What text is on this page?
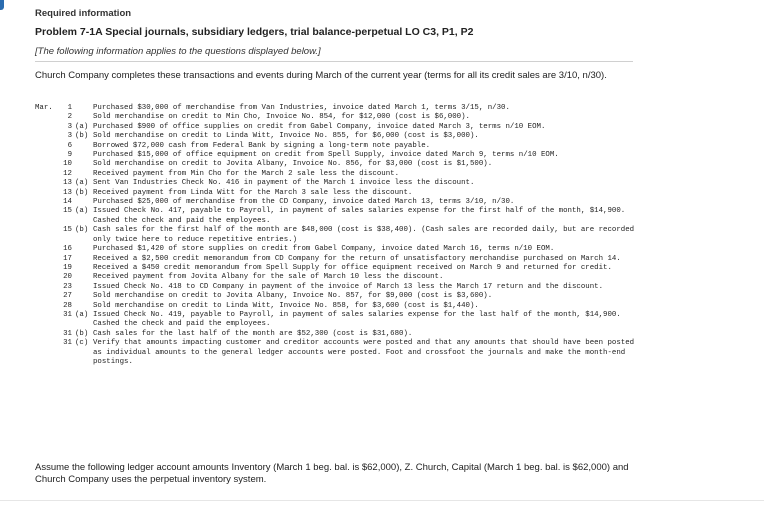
Required information
Problem 7-1A Special journals, subsidiary ledgers, trial balance-perpetual LO C3, P1, P2
[The following information applies to the questions displayed below.]
Church Company completes these transactions and events during March of the current year (terms for all its credit sales are 3/10, n/30).
Mar.	1	Purchased $30,000 of merchandise from Van Industries, invoice dated March 1, terms 3/15, n/30.
2	Sold merchandise on credit to Min Cho, Invoice No. 854, for $12,000 (cost is $6,000).
3 (a) Purchased $900 of office supplies on credit from Gabel Company, invoice dated March 3, terms n/10 EOM.
3 (b) Sold merchandise on credit to Linda Witt, Invoice No. 855, for $6,000 (cost is $3,000).
6	Borrowed $72,000 cash from Federal Bank by signing a long-term note payable.
9	Purchased $15,000 of office equipment on credit from Spell Supply, invoice dated March 9, terms n/10 EOM.
10	Sold merchandise on credit to Jovita Albany, Invoice No. 856, for $3,000 (cost is $1,500).
12	Received payment from Min Cho for the March 2 sale less the discount.
13 (a) Sent Van Industries Check No. 416 in payment of the March 1 invoice less the discount.
13 (b) Received payment from Linda Witt for the March 3 sale less the discount.
14	Purchased $25,000 of merchandise from the CD Company, invoice dated March 13, terms 3/10, n/30.
15 (a) Issued Check No. 417, payable to Payroll, in payment of sales salaries expense for the first half of the month, $14,900. Cashed the check and paid the employees.
15 (b) Cash sales for the first half of the month are $48,000 (cost is $38,400). (Cash sales are recorded daily, but are recorded only twice here to reduce repetitive entries.)
16	Purchased $1,420 of store supplies on credit from Gabel Company, invoice dated March 16, terms n/10 EOM.
17	Received a $2,500 credit memorandum from CD Company for the return of unsatisfactory merchandise purchased on March 14.
19	Received a $450 credit memorandum from Spell Supply for office equipment received on March 9 and returned for credit.
20	Received payment from Jovita Albany for the sale of March 10 less the discount.
23	Issued Check No. 418 to CD Company in payment of the invoice of March 13 less the March 17 return and the discount.
27	Sold merchandise on credit to Jovita Albany, Invoice No. 857, for $9,000 (cost is $3,600).
28	Sold merchandise on credit to Linda Witt, Invoice No. 858, for $3,600 (cost is $1,440).
31 (a) Issued Check No. 419, payable to Payroll, in payment of sales salaries expense for the last half of the month, $14,900. Cashed the check and paid the employees.
31 (b) Cash sales for the last half of the month are $52,300 (cost is $31,680).
31 (c) Verify that amounts impacting customer and creditor accounts were posted and that any amounts that should have been posted as individual amounts to the general ledger accounts were posted. Foot and crossfoot the journals and make the month-end postings.
Assume the following ledger account amounts Inventory (March 1 beg. bal. is $62,000), Z. Church, Capital (March 1 beg. bal. is $62,000) and Church Company uses the perpetual inventory system.
